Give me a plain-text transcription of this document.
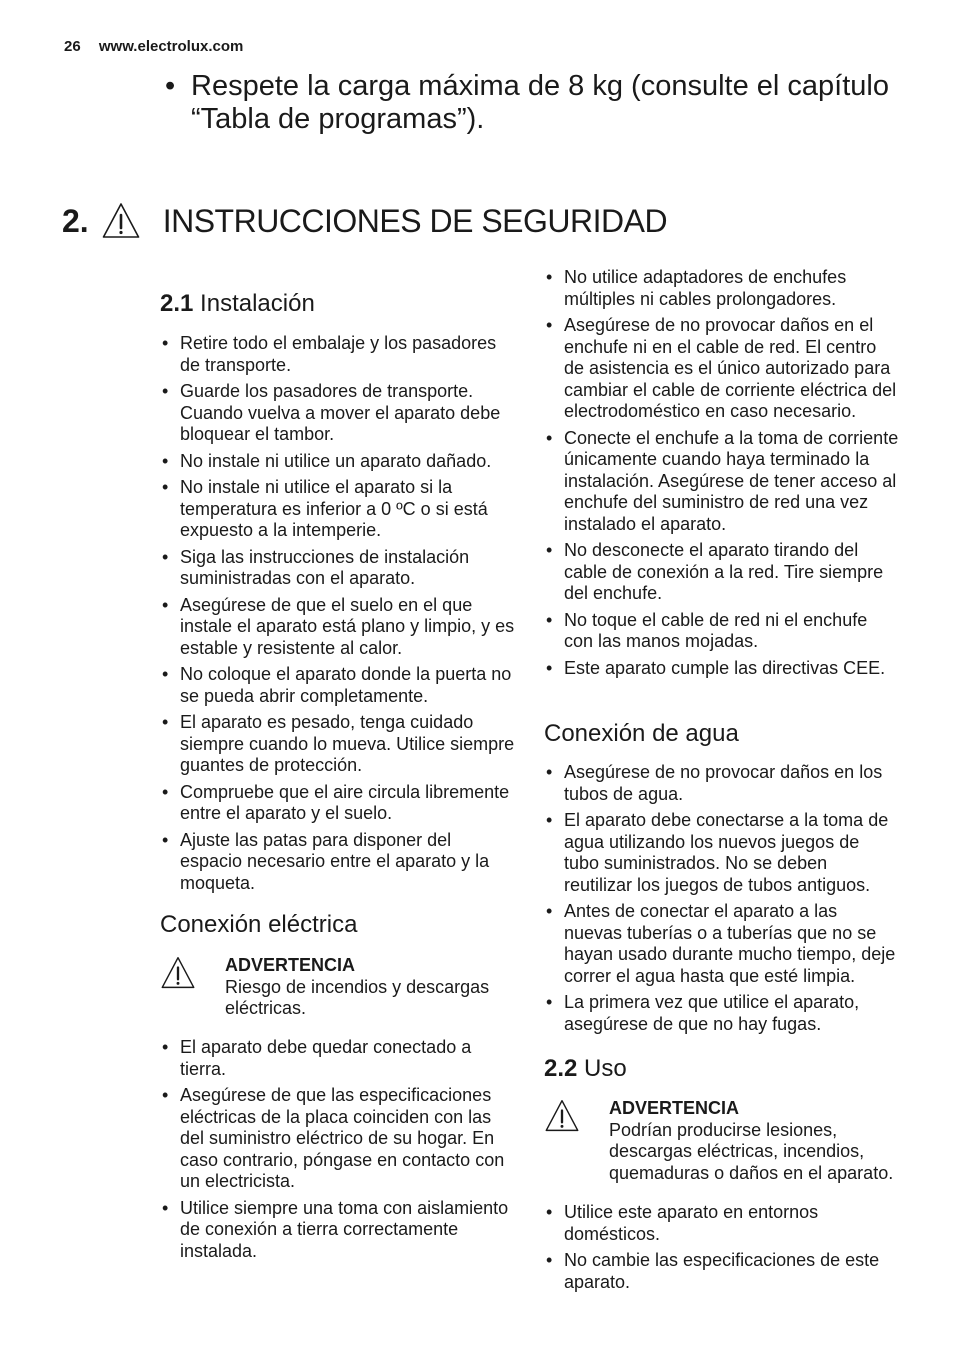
26 www.electrolux.com
• Respete la carga máxima de 8 kg (consulte el capítulo “Tabla de programas”).
2. INSTRUCCIONES DE SEGURIDAD
2.1 Instalación
• Retire todo el embalaje y los pasadores de transporte.
• Guarde los pasadores de transporte. Cuando vuelva a mover el aparato debe bloquear el tambor.
• No instale ni utilice un aparato dañado.
• No instale ni utilice el aparato si la temperatura es inferior a 0 ºC o si está expuesto a la intemperie.
• Siga las instrucciones de instalación suministradas con el aparato.
• Asegúrese de que el suelo en el que instale el aparato está plano y limpio, y es estable y resistente al calor.
• No coloque el aparato donde la puerta no se pueda abrir completamente.
• El aparato es pesado, tenga cuidado siempre cuando lo mueva. Utilice siempre guantes de protección.
• Compruebe que el aire circula libremente entre el aparato y el suelo.
• Ajuste las patas para disponer del espacio necesario entre el aparato y la moqueta.
Conexión eléctrica
ADVERTENCIA
Riesgo de incendios y descargas eléctricas.
• El aparato debe quedar conectado a tierra.
• Asegúrese de que las especificaciones eléctricas de la placa coinciden con las del suministro eléctrico de su hogar. En caso contrario, póngase en contacto con un electricista.
• Utilice siempre una toma con aislamiento de conexión a tierra correctamente instalada.
• No utilice adaptadores de enchufes múltiples ni cables prolongadores.
• Asegúrese de no provocar daños en el enchufe ni en el cable de red. El centro de asistencia es el único autorizado para cambiar el cable de corriente eléctrica del electrodoméstico en caso necesario.
• Conecte el enchufe a la toma de corriente únicamente cuando haya terminado la instalación. Asegúrese de tener acceso al enchufe del suministro de red una vez instalado el aparato.
• No desconecte el aparato tirando del cable de conexión a la red. Tire siempre del enchufe.
• No toque el cable de red ni el enchufe con las manos mojadas.
• Este aparato cumple las directivas CEE.
Conexión de agua
• Asegúrese de no provocar daños en los tubos de agua.
• El aparato debe conectarse a la toma de agua utilizando los nuevos juegos de tubo suministrados. No se deben reutilizar los juegos de tubos antiguos.
• Antes de conectar el aparato a las nuevas tuberías o a tuberías que no se hayan usado durante mucho tiempo, deje correr el agua hasta que esté limpia.
• La primera vez que utilice el aparato, asegúrese de que no hay fugas.
2.2 Uso
ADVERTENCIA
Podrían producirse lesiones, descargas eléctricas, incendios, quemaduras o daños en el aparato.
• Utilice este aparato en entornos domésticos.
• No cambie las especificaciones de este aparato.
